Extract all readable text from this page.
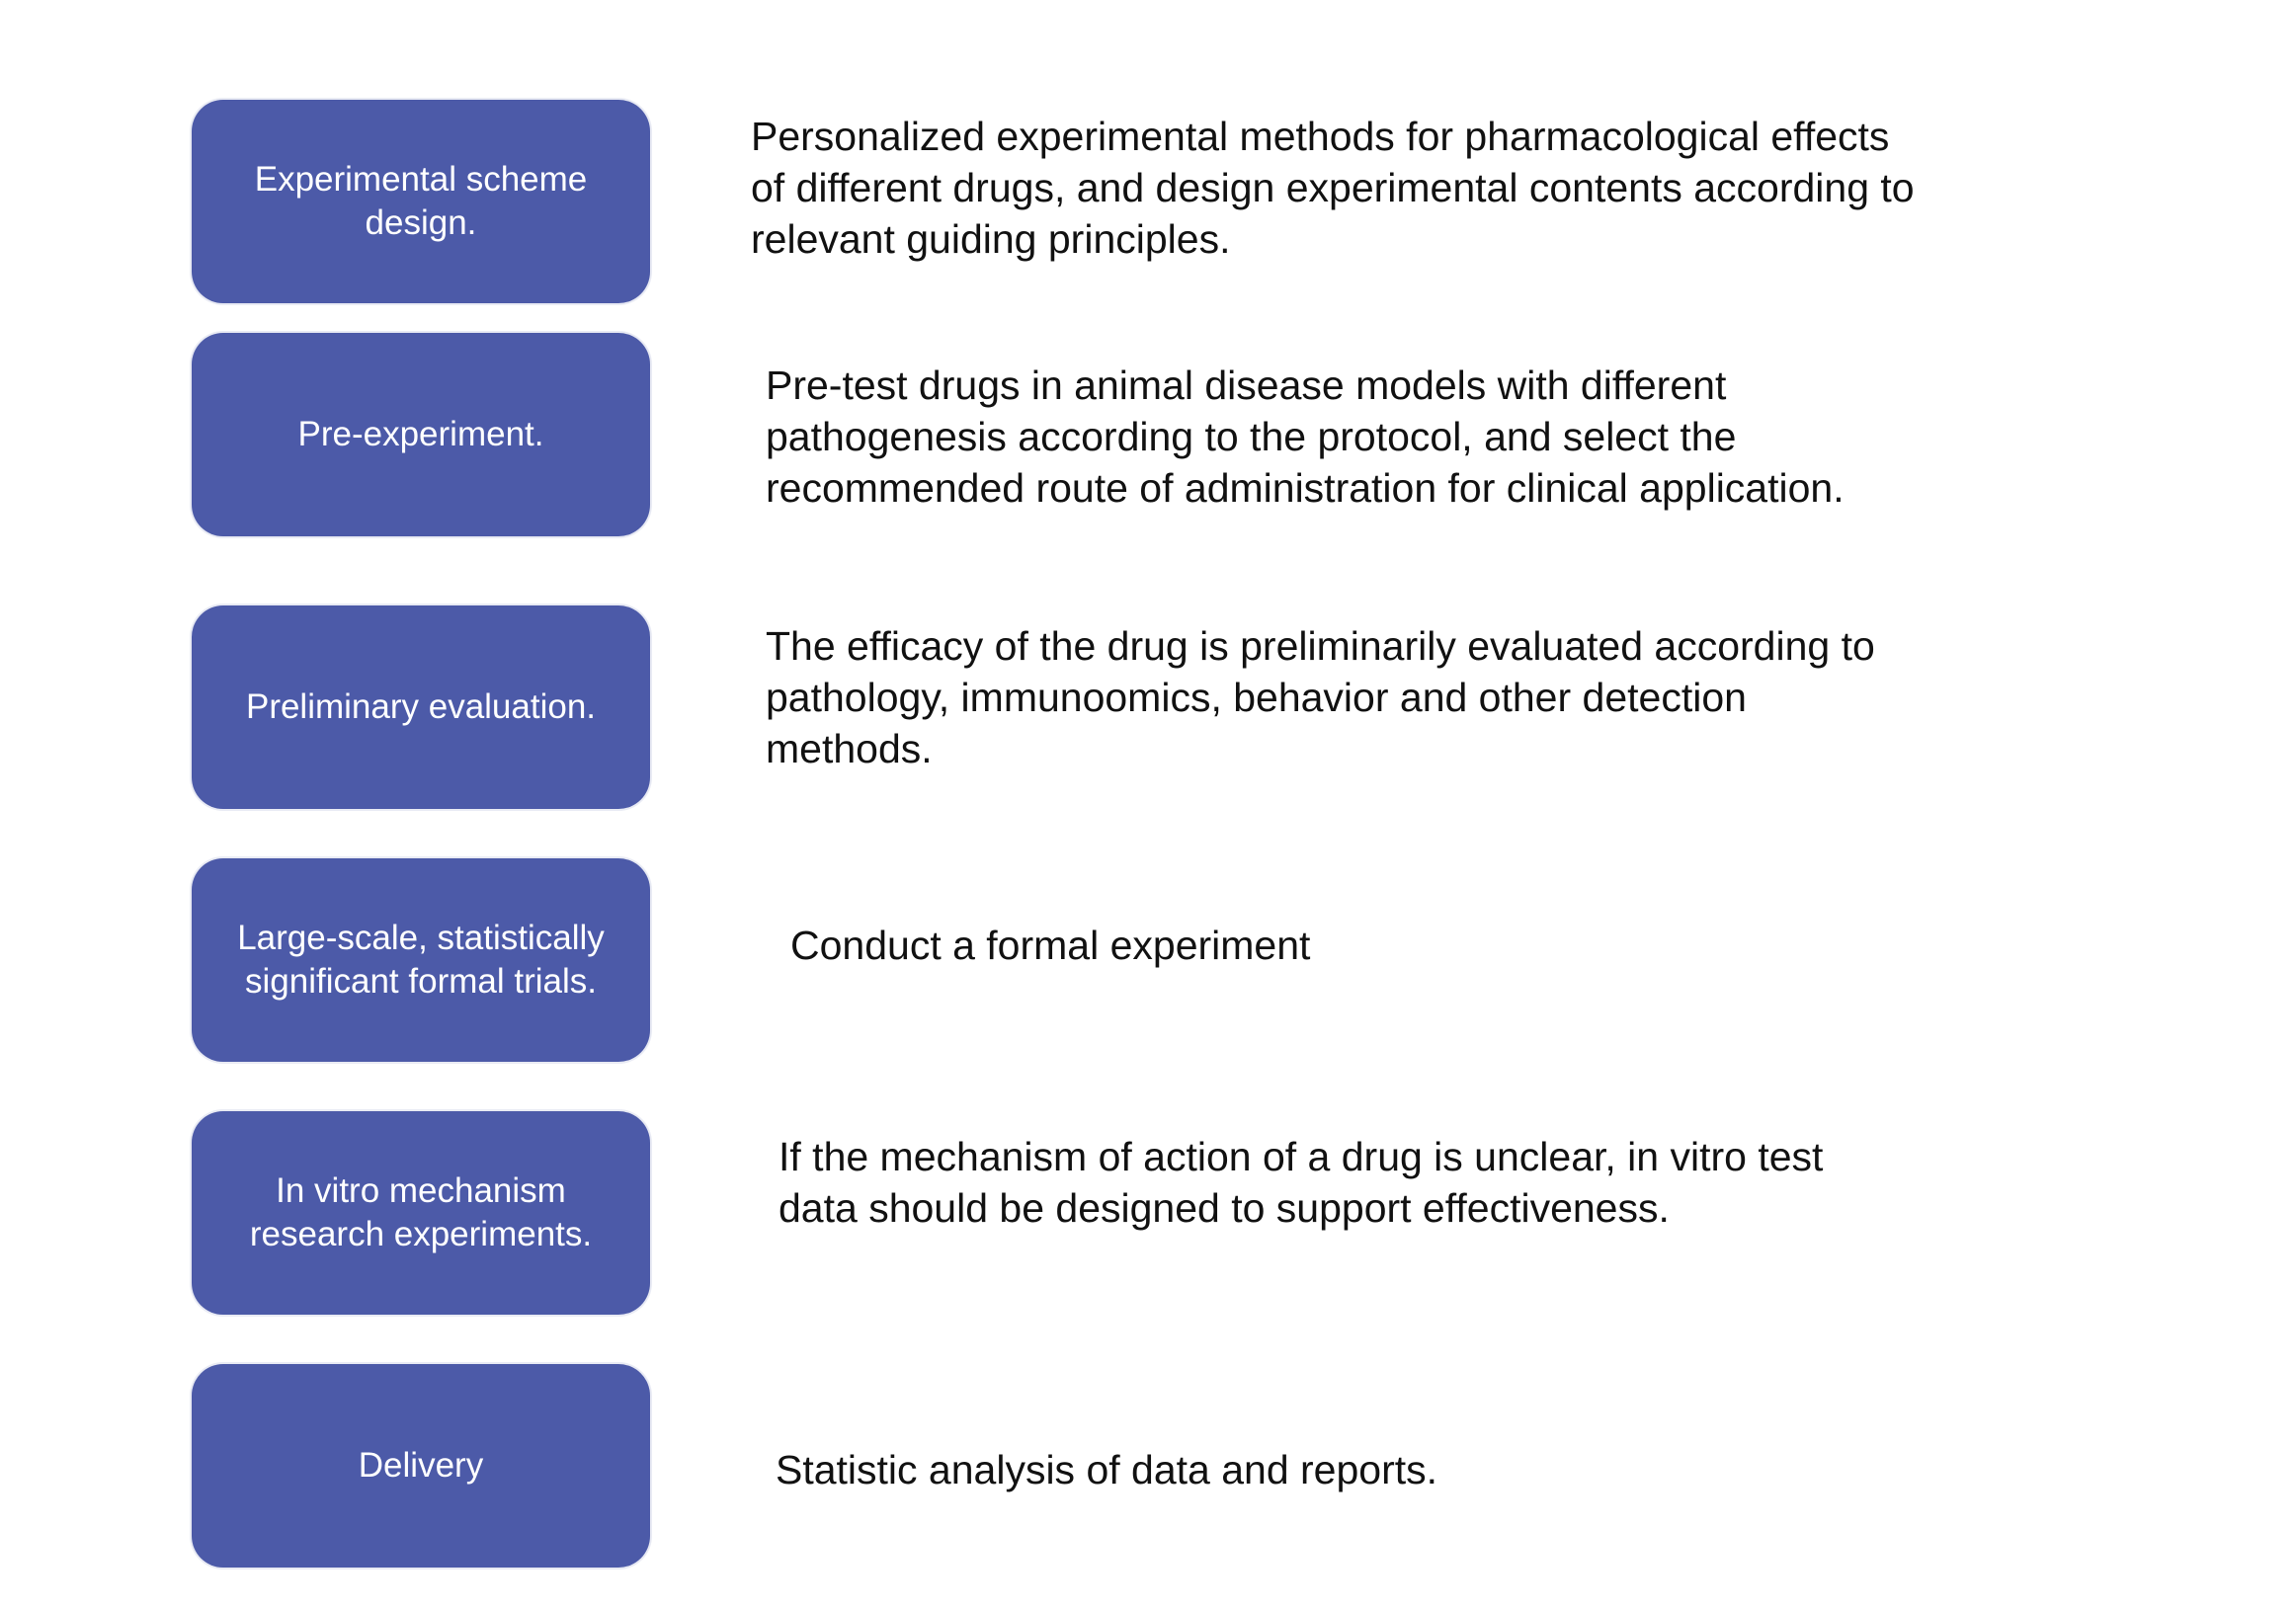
Experimental scheme
design.
Personalized experimental methods for pharmacological effects
of different drugs, and design experimental contents according to
relevant guiding principles.
Pre-experiment.
Pre-test drugs in animal disease models with different
pathogenesis according to the protocol, and select the
recommended route of administration for clinical application.
Preliminary evaluation.
The efficacy of the drug is preliminarily evaluated according to
pathology, immunoomics, behavior and other detection
methods.
Large-scale, statistically
significant formal trials.
Conduct a formal experiment
In vitro mechanism
research experiments.
If the mechanism of action of a drug is unclear, in vitro test
data should be designed to support effectiveness.
Delivery	Statistic analysis of data and reports.
